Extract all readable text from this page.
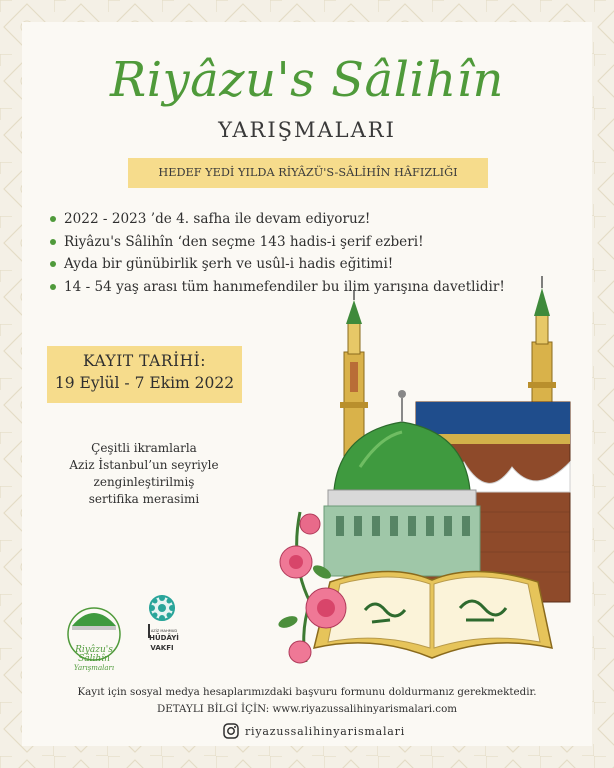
Riyâzu's Sâlihîn
YARIŞMALARI
HEDEF YEDİ YILDA RİYÂZÜ'S-SÂLİHÎN HÂFIZLIĞI
2022 - 2023 ’de 4. safha ile devam ediyoruz!
Riyâzu's Sâlihîn ‘den seçme 143 hadis-i şerif ezberi!
Ayda bir günübirlik şerh ve usûl-i hadis eğitimi!
14 - 54 yaş arası tüm hanımefendiler bu ilim yarışına davetlidir!
KAYIT TARİHİ:
19 Eylül - 7 Ekim 2022
Çeşitli ikramlarla
Aziz İstanbul’un seyriyle
zenginleştirilmiş
sertifika merasimi
Riyâzu's
Sâlihîn
Yarışmaları
AZİZ MAHMUD
HÜDÂYİ
VAKFI
Kayıt için sosyal medya hesaplarımızdaki başvuru formunu doldurmanız gerekmektedir.
DETAYLI BİLGİ İÇİN: www.riyazussalihinyarismalari.com
riyazussalihinyarismalari
